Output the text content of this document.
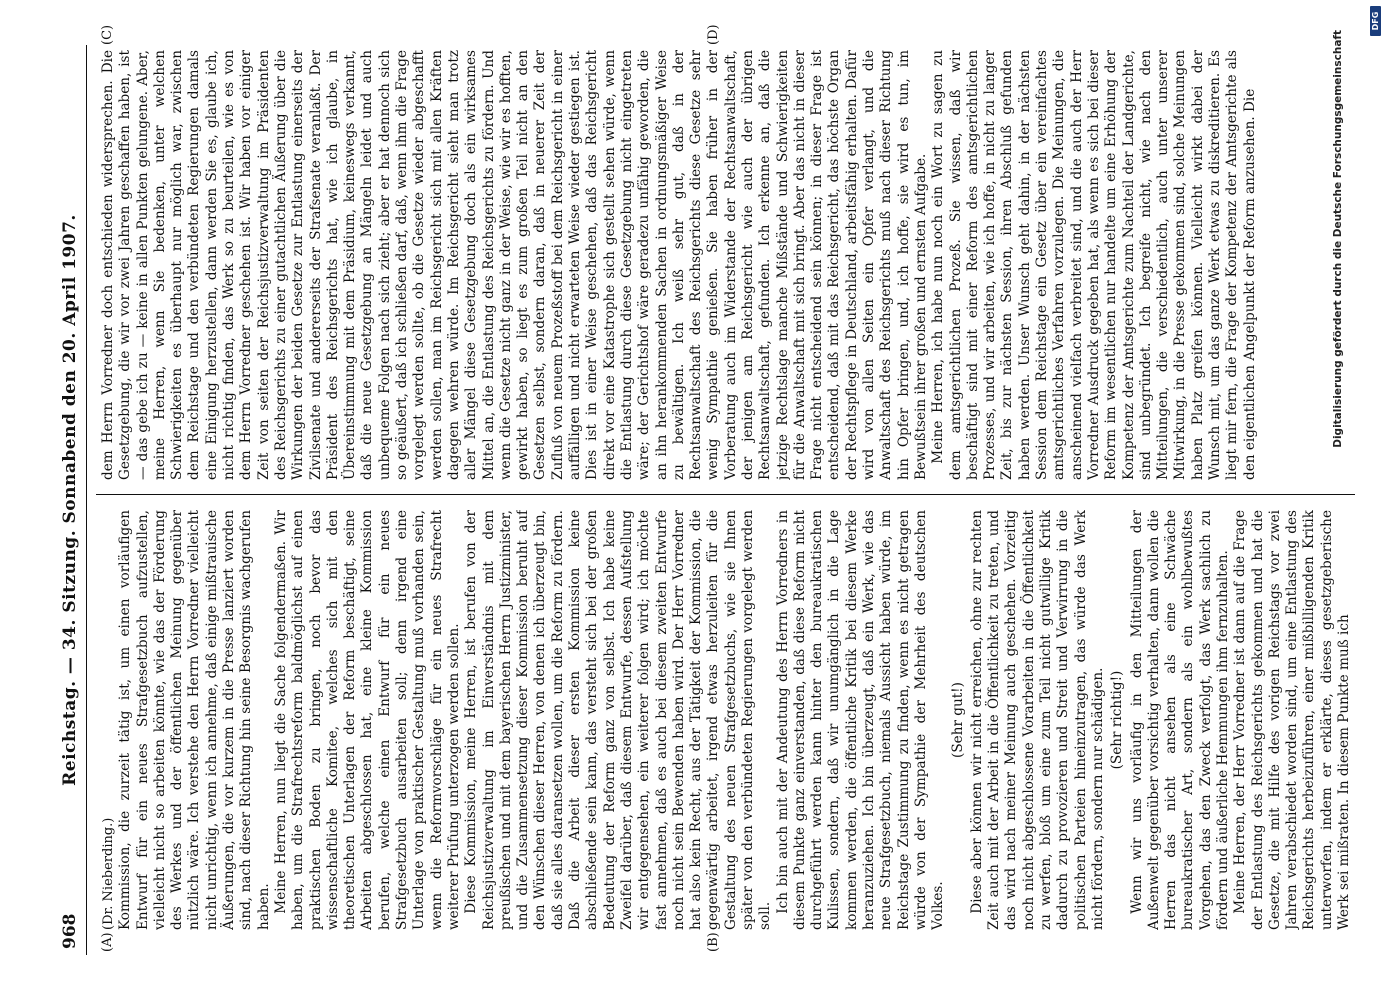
968
Reichstag. — 34. Sitzung. Sonnabend den 20. April 1907.
(A)	(B)
(C)	(D)

(Dr. Nieberding.) Kommission, die zurzeit tätig ist, um einen vorläufigen Entwurf für ein neues Strafgesetzbuch aufzustellen, vielleicht nicht so arbeiten könnte, wie das der Förderung des Werkes und der öffentlichen Meinung gegenüber nützlich wäre. Ich verstehe den Herrn Vorredner vielleicht nicht unrichtig, wenn ich annehme, daß einige mißtrauische Äußerungen, die vor kurzem in die Presse lanziert worden sind, nach dieser Richtung hin seine Besorgnis wachgerufen haben. Meine Herren, nun liegt die Sache folgendermaßen. Wir haben, um die Strafrechtsreform baldmöglichst auf einen praktischen Boden zu bringen, noch bevor das wissenschaftliche Komitee, welches sich mit den theoretischen Unterlagen der Reform beschäftigt, seine Arbeiten abgeschlossen hat, eine kleine Kommission berufen, welche einen Entwurf für ein neues Strafgesetzbuch ausarbeiten soll; denn irgend eine Unterlage von praktischer Gestaltung muß vorhanden sein, wenn die Reformvorschläge für ein neues Strafrecht weiterer Prüfung unterzogen werden sollen. Diese Kommission, meine Herren, ist berufen von der Reichsjustizverwaltung im Einverständnis mit dem preußischen und mit dem bayerischen Herrn Justizminister, und die Zusammensetzung dieser Kommission beruht auf den Wünschen dieser Herren, von denen ich überzeugt bin, daß sie alles daransetzen wollen, um die Reform zu fördern. Daß die Arbeit dieser ersten Kommission keine abschließende sein kann, das versteht sich bei der großen Bedeutung der Reform ganz von selbst. Ich habe keine Zweifel darüber, daß diesem Entwurfe, dessen Aufstellung wir entgegensehen, ein weiterer folgen wird; ich möchte fast annehmen, daß es auch bei diesem zweiten Entwurfe noch nicht sein Bewenden haben wird. Der Herr Vorredner hat also kein Recht, aus der Tätigkeit der Kommission, die gegenwärtig arbeitet, irgend etwas herzuleiten für die Gestaltung des neuen Strafgesetzbuchs, wie sie Ihnen später von den verbündeten Regierungen vorgelegt werden soll.

Ich bin auch mit der Andeutung des Herrn Vorredners in diesem Punkte ganz einverstanden, daß diese Reform nicht durchgeführt werden kann hinter den bureaukratischen Kulissen, sondern, daß wir unumgänglich in die Lage kommen werden, die öffentliche Kritik bei diesem Werke heranzuziehen. Ich bin überzeugt, daß ein Werk, wie das neue Strafgesetzbuch, niemals Aussicht haben würde, im Reichstage Zustimmung zu finden, wenn es nicht getragen würde von der Sympathie der Mehrheit des deutschen Volkes.

(Sehr gut!) Diese aber können wir nicht erreichen, ohne zur rechten Zeit auch mit der Arbeit in die Öffentlichkeit zu treten, und das wird nach meiner Meinung auch geschehen. Vorzeitig noch nicht abgeschlossene Vorarbeiten in die Öffentlichkeit zu werfen, bloß um eine zum Teil nicht gutwillige Kritik dadurch zu provozieren und Streit und Verwirrung in die politischen Parteien hineinzutragen, das würde das Werk nicht fördern, sondern nur schädigen. (Sehr richtig!) Wenn wir uns vorläufig in den Mitteilungen der Außenwelt gegenüber vorsichtig verhalten, dann wollen die Herren das nicht ansehen als eine Schwäche bureaukratischer Art, sondern als ein wohlbewußtes Vorgehen, das den Zweck verfolgt, das Werk sachlich zu fördern und äußerliche Hemmungen ihm fernzuhalten. Meine Herren, der Herr Vorredner ist dann auf die Frage der Entlastung des Reichsgerichts gekommen und hat die Gesetze, die mit Hilfe des vorigen Reichstags vor zwei Jahren verabschiedet worden sind, um eine Entlastung des Reichsgerichts herbeizuführen, einer mißbilligenden Kritik unterworfen, indem er erklärte, dieses gesetzgeberische Werk sei mißraten. In diesem Punkte muß ich

dem Herrn Vorredner doch entschieden widersprechen. Die Gesetzgebung, die wir vor zwei Jahren geschaffen haben, ist — das gebe ich zu — keine in allen Punkten gelungene. Aber, meine Herren, wenn Sie bedenken, unter welchen Schwierigkeiten es überhaupt nur möglich war, zwischen dem Reichstage und den verbündeten Regierungen damals eine Einigung herzustellen, dann werden Sie es, glaube ich, nicht richtig finden, das Werk so zu beurteilen, wie es von dem Herrn Vorredner geschehen ist. Wir haben vor einiger Zeit von seiten der Reichsjustizverwaltung im Präsidenten des Reichsgerichts zu einer gutachtlichen Äußerung über die Wirkungen der beiden Gesetze zur Entlastung einerseits der Zivilsenate und andererseits der Strafsenate veranlaßt. Der Präsident des Reichsgerichts hat, wie ich glaube, in Übereinstimmung mit dem Präsidium, keineswegs verkannt, daß die neue Gesetzgebung an Mängeln leidet und auch unbequeme Folgen nach sich zieht; aber er hat dennoch sich so geäußert, daß ich schließen darf, daß, wenn ihm die Frage vorgelegt werden sollte, ob die Gesetze wieder abgeschafft werden sollen, man im Reichsgericht sich mit allen Kräften dagegen wehren würde. Im Reichsgericht sieht man trotz aller Mängel diese Gesetzgebung doch als ein wirksames Mittel an, die Entlastung des Reichsgerichts zu fördern. Und wenn die Gesetze nicht ganz in der Weise, wie wir es hofften, gewirkt haben, so liegt es zum großen Teil nicht an den Gesetzen selbst, sondern daran, daß in neuerer Zeit der Zufluß von neuem Prozeßstoff bei dem Reichsgericht in einer auffälligen und nicht erwarteten Weise wieder gestiegen ist. Dies ist in einer Weise geschehen, daß das Reichsgericht direkt vor eine Katastrophe sich gestellt sehen würde, wenn die Entlastung durch diese Gesetzgebung nicht eingetreten wäre; der Gerichtshof wäre geradezu unfähig geworden, die an ihn herankommenden Sachen in ordnungsmäßiger Weise zu bewältigen. Ich weiß sehr gut, daß in der Rechtsanwaltschaft des Reichsgerichts diese Gesetze sehr wenig Sympathie genießen. Sie haben früher in der Vorberatung auch im Widerstande der Rechtsanwaltschaft, der jenigen am Reichsgericht wie auch der übrigen Rechtsanwaltschaft, gefunden. Ich erkenne an, daß die jetzige Rechtslage manche Mißstände und Schwierigkeiten für die Anwaltschaft mit sich bringt. Aber das nicht in dieser Frage nicht entscheidend sein können; in dieser Frage ist entscheidend, daß mit das Reichsgericht, das höchste Organ der Rechtspflege in Deutschland, arbeitsfähig erhalten. Dafür wird von allen Seiten ein Opfer verlangt, und die Anwaltschaft des Reichsgerichts muß nach dieser Richtung hin Opfer bringen, und, ich hoffe, sie wird es tun, im Bewußtsein ihrer großen und ernsten Aufgabe. Meine Herren, ich habe nun noch ein Wort zu sagen zu dem amtsgerichtlichen Prozeß. Sie wissen, daß wir beschäftigt sind mit einer Reform des amtsgerichtlichen Prozesses, und wir arbeiten, wie ich hoffe, in nicht zu langer Zeit, bis zur nächsten Session, ihren Abschluß gefunden haben werden. Unser Wunsch geht dahin, in der nächsten Session dem Reichstage ein Gesetz über ein vereinfachtes amtsgerichtliches Verfahren vorzulegen. Die Meinungen, die anscheinend vielfach verbreitet sind, und die auch der Herr Vorredner Ausdruck gegeben hat, als wenn es sich bei dieser Reform im wesentlichen nur handelte um eine Erhöhung der Kompetenz der Amtsgerichte zum Nachteil der Landgerichte, sind unbegründet. Ich begreife nicht, wie nach den Mitteilungen, die verschiedentlich, auch unter unserer Mitwirkung, in die Presse gekommen sind, solche Meinungen haben Platz greifen können. Vielleicht wirkt dabei der Wunsch mit, um das ganze Werk etwas zu diskreditieren. Es liegt mir fern, die Frage der Kompetenz der Amtsgerichte als den eigentlichen Angelpunkt der Reform anzusehen. Die	Digitalisierung gefördert durch die Deutsche Forschungsgemeinschaft
DFG
